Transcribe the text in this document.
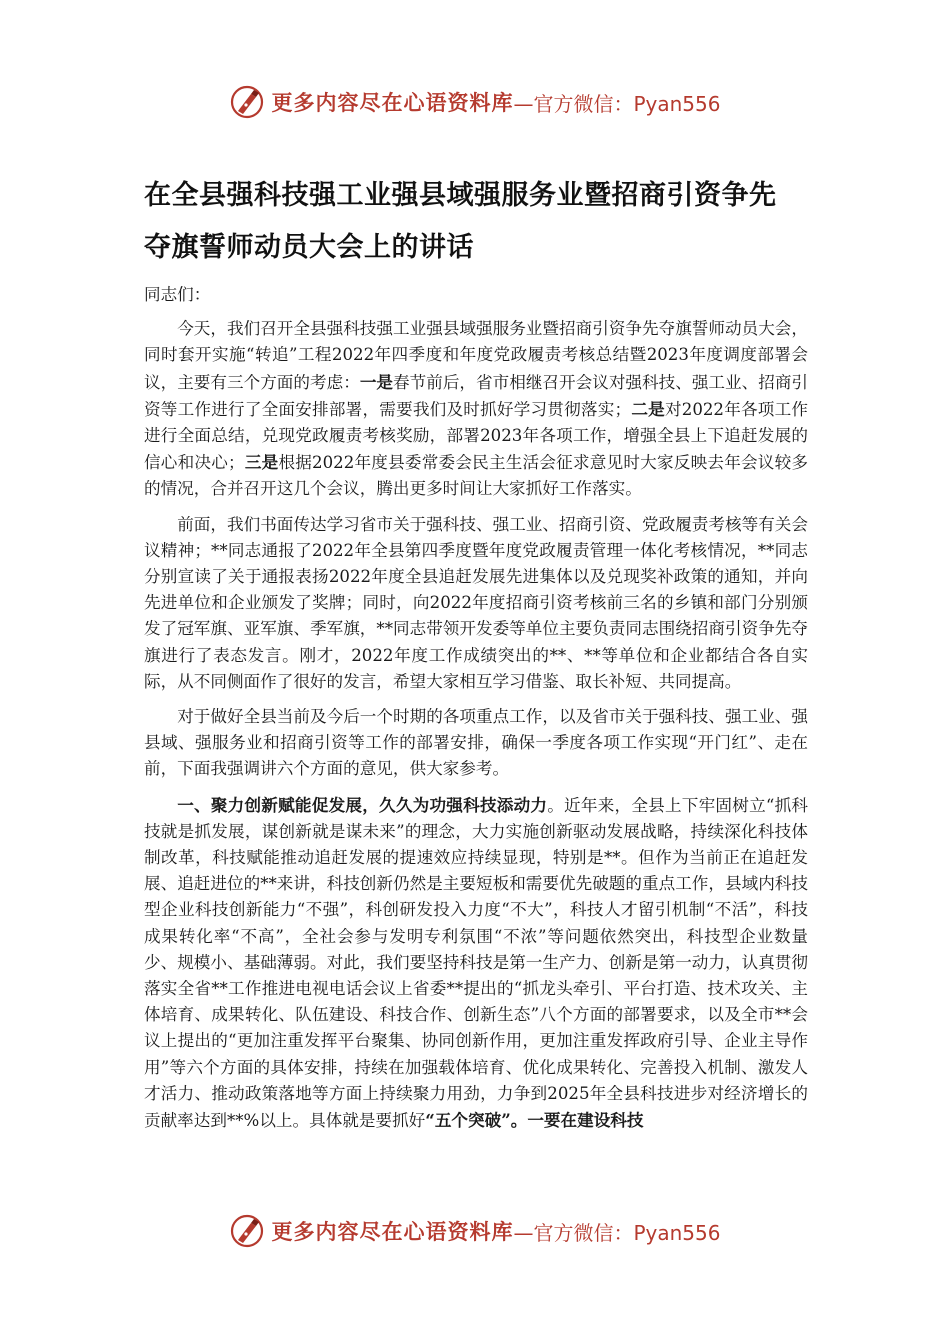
更多内容尽在心语资料库 —官方微信：Pyan556
在全县强科技强工业强县域强服务业暨招商引资争先
夺旗誓师动员大会上的讲话

同志们：

今天，我们召开全县强科技强工业强县域强服务业暨招商引资争先夺旗誓师动员大会，同时套开实施“转追”工程2022年四季度和年度党政履责考核总结暨2023年度调度部署会议，主要有三个方面的考虑：一是春节前后，省市相继召开会议对强科技、强工业、招商引资等工作进行了全面安排部署，需要我们及时抓好学习贯彻落实；二是对2022年各项工作进行全面总结，兑现党政履责考核奖励，部署2023年各项工作，增强全县上下追赶发展的信心和决心；三是根据2022年度县委常委会民主生活会征求意见时大家反映去年会议较多的情况，合并召开这几个会议，腾出更多时间让大家抓好工作落实。

前面，我们书面传达学习省市关于强科技、强工业、招商引资、党政履责考核等有关会议精神；**同志通报了2022年全县第四季度暨年度党政履责管理一体化考核情况，**同志分别宣读了关于通报表扬2022年度全县追赶发展先进集体以及兑现奖补政策的通知，并向先进单位和企业颁发了奖牌；同时，向2022年度招商引资考核前三名的乡镇和部门分别颁发了冠军旗、亚军旗、季军旗，**同志带领开发委等单位主要负责同志围绕招商引资争先夺旗进行了表态发言。刚才，2022年度工作成绩突出的**、**等单位和企业都结合各自实际，从不同侧面作了很好的发言，希望大家相互学习借鉴、取长补短、共同提高。

对于做好全县当前及今后一个时期的各项重点工作，以及省市关于强科技、强工业、强县域、强服务业和招商引资等工作的部署安排，确保一季度各项工作实现“开门红”、走在前，下面我强调讲六个方面的意见，供大家参考。

一、聚力创新赋能促发展，久久为功强科技添动力。近年来，全县上下牢固树立“抓科技就是抓发展，谋创新就是谋未来”的理念，大力实施创新驱动发展战略，持续深化科技体制改革，科技赋能推动追赶发展的提速效应持续显现，特别是**。但作为当前正在追赶发展、追赶进位的**来讲，科技创新仍然是主要短板和需要优先破题的重点工作，县域内科技型企业科技创新能力“不强”，科创研发投入力度“不大”，科技人才留引机制“不活”，科技成果转化率“不高”，全社会参与发明专利氛围“不浓”等问题依然突出，科技型企业数量少、规模小、基础薄弱。对此，我们要坚持科技是第一生产力、创新是第一动力，认真贯彻落实全省**工作推进电视电话会议上省委**提出的“抓龙头牵引、平台打造、技术攻关、主体培育、成果转化、队伍建设、科技合作、创新生态”八个方面的部署要求，以及全市**会议上提出的“更加注重发挥平台聚集、协同创新作用，更加注重发挥政府引导、企业主导作用”等六个方面的具体安排，持续在加强载体培育、优化成果转化、完善投入机制、激发人才活力、推动政策落地等方面上持续聚力用劲，力争到2025年全县科技进步对经济增长的贡献率达到**%以上。具体就是要抓好“五个突破”。一要在建设科技

更多内容尽在心语资料库 —官方微信：Pyan556
